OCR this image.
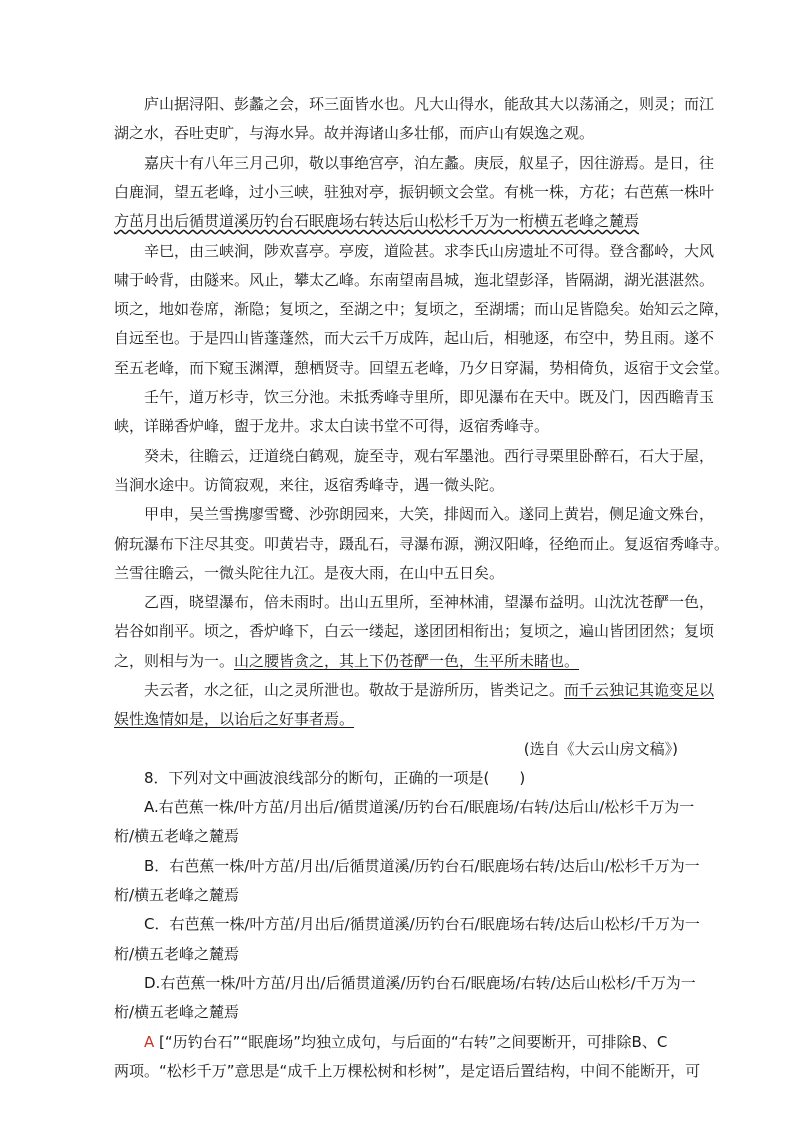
庐山据浔阳、彭蠡之会，环三面皆水也。凡大山得水，能敌其大以荡涌之，则灵；而江
湖之水，吞吐吏旷，与海水异。故并海诸山多壮郁，而庐山有娱逸之观。
嘉庆十有八年三月己卯，敬以事绝宫亭，泊左蠡。庚辰，舣星子，因往游焉。是日，往
白鹿洞，望五老峰，过小三峡，驻独对亭，振钥顿文会堂。有桃一株，方花；右芭蕉一株叶
方茁月出后循贯道溪历钓台石眠鹿场右转达后山松杉千万为一桁横五老峰之麓焉
辛巳，由三峡涧，陟欢喜亭。亭废，道险甚。求李氏山房遗址不可得。登含鄱岭，大风
啸于岭背，由隧来。风止，攀太乙峰。东南望南昌城，迤北望彭泽，皆隔湖，湖光湛湛然。
顷之，地如卷席，渐隐；复顷之，至湖之中；复顷之，至湖壖；而山足皆隐矣。始知云之障，
自远至也。于是四山皆蓬蓬然，而大云千万成阵，起山后，相驰逐，布空中，势且雨。遂不
至五老峰，而下窥玉渊潭，憩栖贤寺。回望五老峰，乃夕日穿漏，势相倚负，返宿于文会堂。
壬午，道万杉寺，饮三分池。未抵秀峰寺里所，即见瀑布在天中。既及门，因西瞻青玉
峡，详睇香炉峰，盥于龙井。求太白读书堂不可得，返宿秀峰寺。
癸未，往瞻云，迂道绕白鹤观，旋至寺，观右军墨池。西行寻栗里卧醉石，石大于屋，
当涧水途中。访简寂观，来往，返宿秀峰寺，遇一微头陀。
甲申，吴兰雪携廖雪鹭、沙弥朗园来，大笑，排闼而入。遂同上黄岩，侧足逾文殊台，
俯玩瀑布下注尽其变。叩黄岩寺，蹑乱石，寻瀑布源，溯汉阳峰，径绝而止。复返宿秀峰寺。
兰雪往瞻云，一微头陀往九江。是夜大雨，在山中五日矣。
乙酉，晓望瀑布，倍未雨时。出山五里所，至神林浦，望瀑布益明。山沈沈苍酽一色，
岩谷如削平。顷之，香炉峰下，白云一缕起，遂团团相衔出；复顷之，遍山皆团团然；复顷
之，则相与为一。山之腰皆贪之，其上下仍苍酽一色，生平所未睹也。
夫云者，水之征，山之灵所泄也。敬故于是游所历，皆类记之。而千云独记其诡变足以
娱性逸情如是，以诒后之好事者焉。
(选自《大云山房文稿》)
8．下列对文中画波浪线部分的断句，正确的一项是(　　)
A.右芭蕉一株/叶方茁/月出后/循贯道溪/历钓台石/眠鹿场/右转/达后山/松杉千万为一
桁/横五老峰之麓焉
B．右芭蕉一株/叶方茁/月出/后循贯道溪/历钓台石/眠鹿场右转/达后山/松杉千万为一
桁/横五老峰之麓焉
C．右芭蕉一株/叶方茁/月出后/循贯道溪/历钓台石/眠鹿场右转/达后山松杉/千万为一
桁/横五老峰之麓焉
D.右芭蕉一株/叶方茁/月出/后循贯道溪/历钓台石/眠鹿场/右转/达后山松杉/千万为一
桁/横五老峰之麓焉
A [“历钓台石”“眠鹿场”均独立成句，与后面的“右转”之间要断开，可排除B、C
两项。“松杉千万”意思是“成千上万棵松树和杉树”，是定语后置结构，中间不能断开，可
